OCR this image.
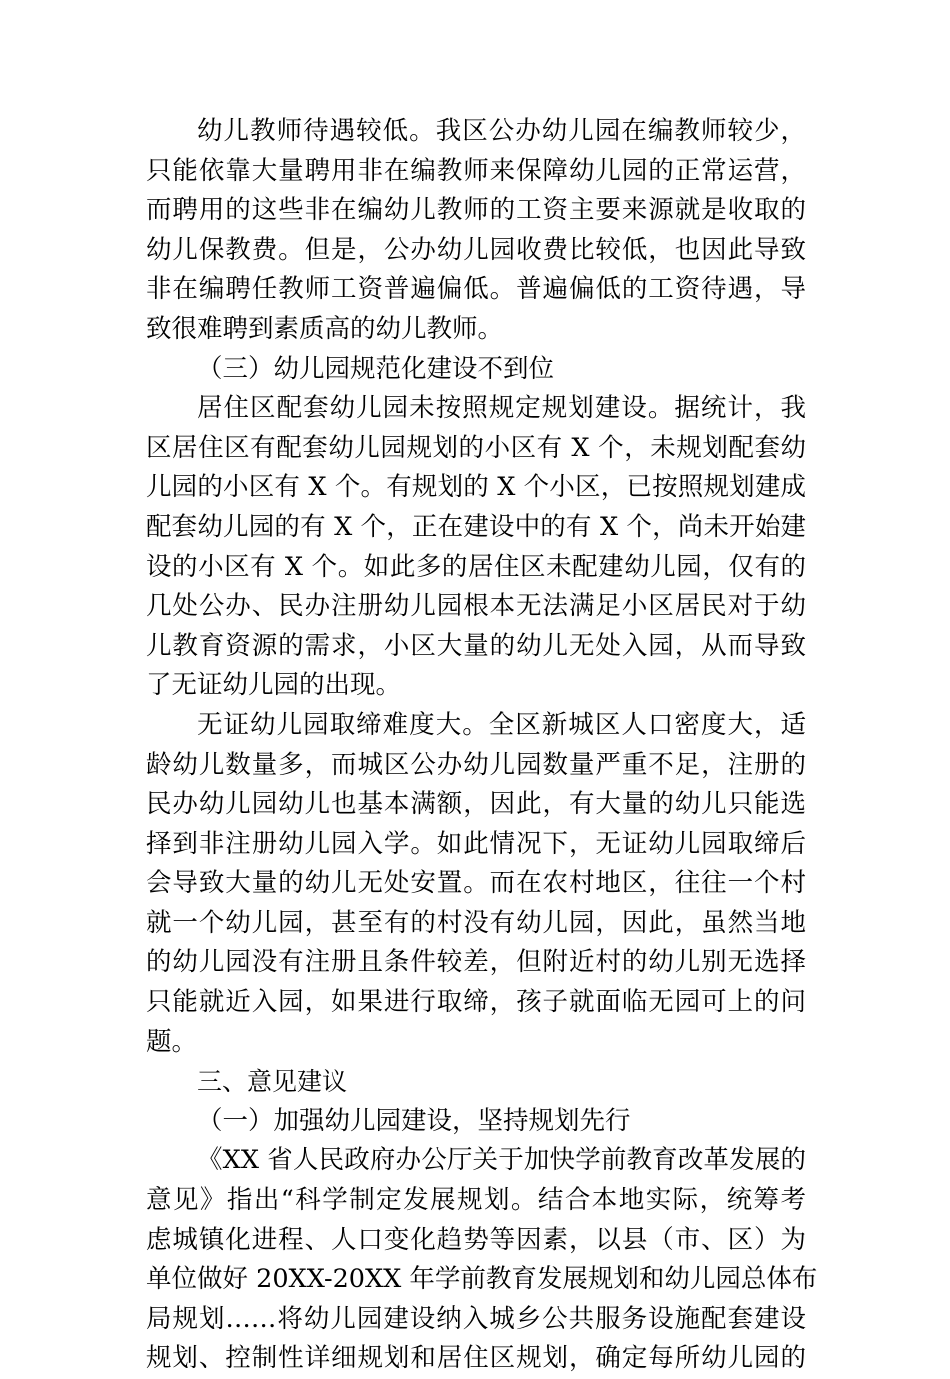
幼儿教师待遇较低。我区公办幼儿园在编教师较少，
只能依靠大量聘用非在编教师来保障幼儿园的正常运营，
而聘用的这些非在编幼儿教师的工资主要来源就是收取的
幼儿保教费。但是，公办幼儿园收费比较低，也因此导致
非在编聘任教师工资普遍偏低。普遍偏低的工资待遇，导
致很难聘到素质高的幼儿教师。
（三）幼儿园规范化建设不到位
居住区配套幼儿园未按照规定规划建设。据统计，我
区居住区有配套幼儿园规划的小区有 X 个，未规划配套幼
儿园的小区有 X 个。有规划的 X 个小区，已按照规划建成
配套幼儿园的有 X 个，正在建设中的有 X 个，尚未开始建
设的小区有 X 个。如此多的居住区未配建幼儿园，仅有的
几处公办、民办注册幼儿园根本无法满足小区居民对于幼
儿教育资源的需求，小区大量的幼儿无处入园，从而导致
了无证幼儿园的出现。
无证幼儿园取缔难度大。全区新城区人口密度大，适
龄幼儿数量多，而城区公办幼儿园数量严重不足，注册的
民办幼儿园幼儿也基本满额，因此，有大量的幼儿只能选
择到非注册幼儿园入学。如此情况下，无证幼儿园取缔后
会导致大量的幼儿无处安置。而在农村地区，往往一个村
就一个幼儿园，甚至有的村没有幼儿园，因此，虽然当地
的幼儿园没有注册且条件较差，但附近村的幼儿别无选择
只能就近入园，如果进行取缔，孩子就面临无园可上的问
题。
三、意见建议
（一）加强幼儿园建设，坚持规划先行
《XX 省人民政府办公厅关于加快学前教育改革发展的
意见》指出“科学制定发展规划。结合本地实际，统筹考
虑城镇化进程、人口变化趋势等因素，以县（市、区）为
单位做好 20XX-20XX 年学前教育发展规划和幼儿园总体布
局规划……将幼儿园建设纳入城乡公共服务设施配套建设
规划、控制性详细规划和居住区规划，确定每所幼儿园的
